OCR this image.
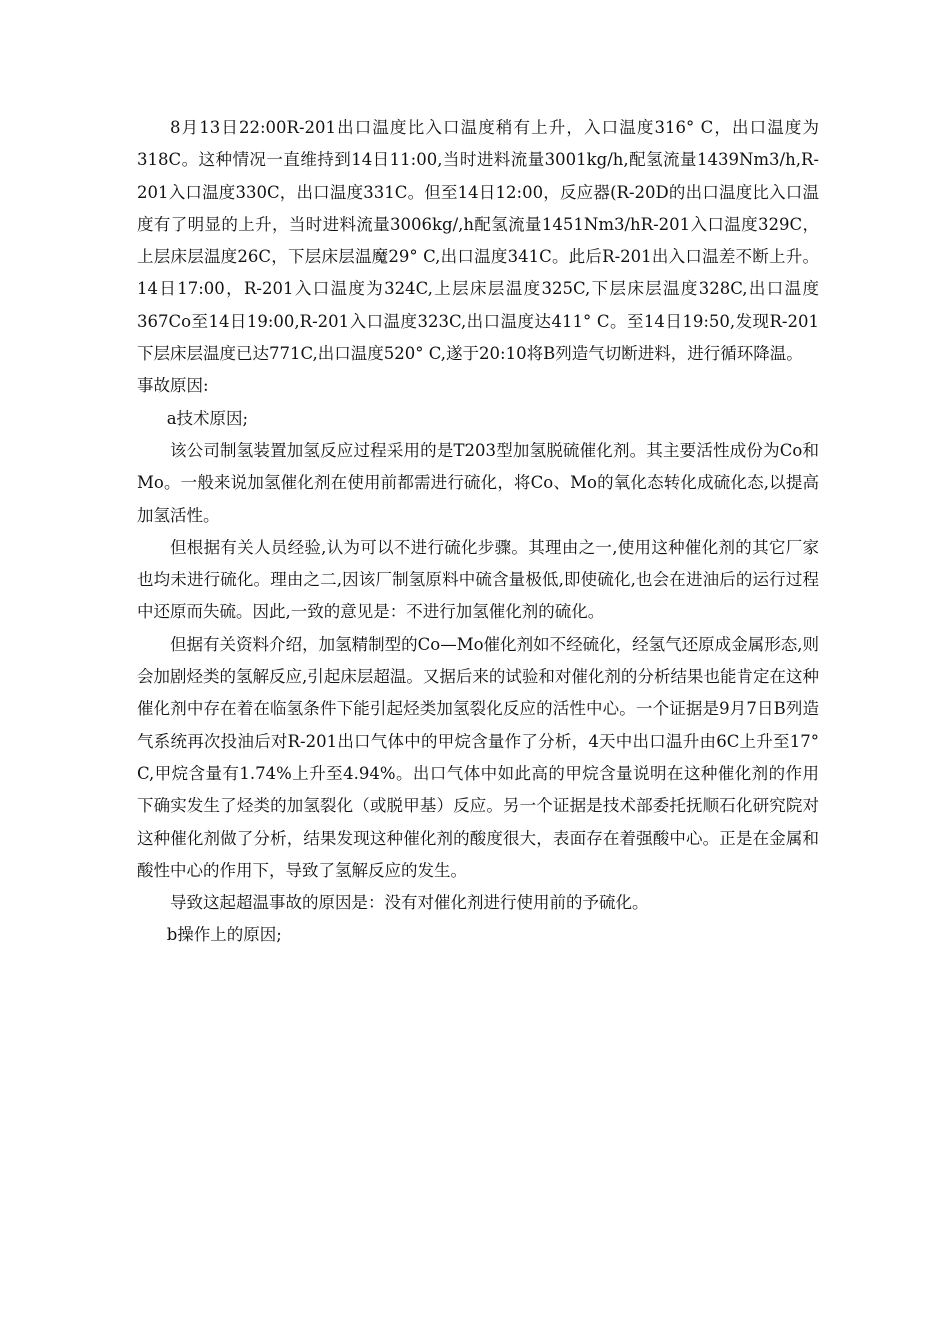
8月13日22:00R-201出口温度比入口温度稍有上升，入口温度316° C，出口温度为318C。这种情况一直维持到14日11:00,当时进料流量3001kg/h,配氢流量1439Nm3/h,R-201入口温度330C，出口温度331C。但至14日12:00，反应器(R-20D的出口温度比入口温度有了明显的上升，当时进料流量3006kg/,h配氢流量1451Nm3/hR-201入口温度329C，上层床层温度26C，下层床层温魔29° C,出口温度341C。此后R-201出入口温差不断上升。14日17:00，R-201入口温度为324C,上层床层温度325C,下层床层温度328C,出口温度367Co至14日19:00,R-201入口温度323C,出口温度达411° C。至14日19:50,发现R-201下层床层温度已达771C,出口温度520° C,遂于20:10将B列造气切断进料，进行循环降温。

事故原因:

a技术原因;

该公司制氢装置加氢反应过程采用的是T203型加氢脱硫催化剂。其主要活性成份为Co和Mo。一般来说加氢催化剂在使用前都需进行硫化，将Co、Mo的氧化态转化成硫化态,以提高加氢活性。

但根据有关人员经验,认为可以不进行硫化步骤。其理由之一,使用这种催化剂的其它厂家也均未进行硫化。理由之二,因该厂制氢原料中硫含量极低,即使硫化,也会在进油后的运行过程中还原而失硫。因此,一致的意见是：不进行加氢催化剂的硫化。

但据有关资料介绍，加氢精制型的Co—Mo催化剂如不经硫化，经氢气还原成金属形态,则会加剧烃类的氢解反应,引起床层超温。又据后来的试验和对催化剂的分析结果也能肯定在这种催化剂中存在着在临氢条件下能引起烃类加氢裂化反应的活性中心。一个证据是9月7日B列造气系统再次投油后对R-201出口气体中的甲烷含量作了分析，4天中出口温升由6C上升至17° C,甲烷含量有1.74%上升至4.94%。出口气体中如此高的甲烷含量说明在这种催化剂的作用下确实发生了烃类的加氢裂化（或脱甲基）反应。另一个证据是技术部委托抚顺石化研究院对这种催化剂做了分析，结果发现这种催化剂的酸度很大，表面存在着强酸中心。正是在金属和酸性中心的作用下，导致了氢解反应的发生。

导致这起超温事故的原因是：没有对催化剂进行使用前的予硫化。

b操作上的原因;
